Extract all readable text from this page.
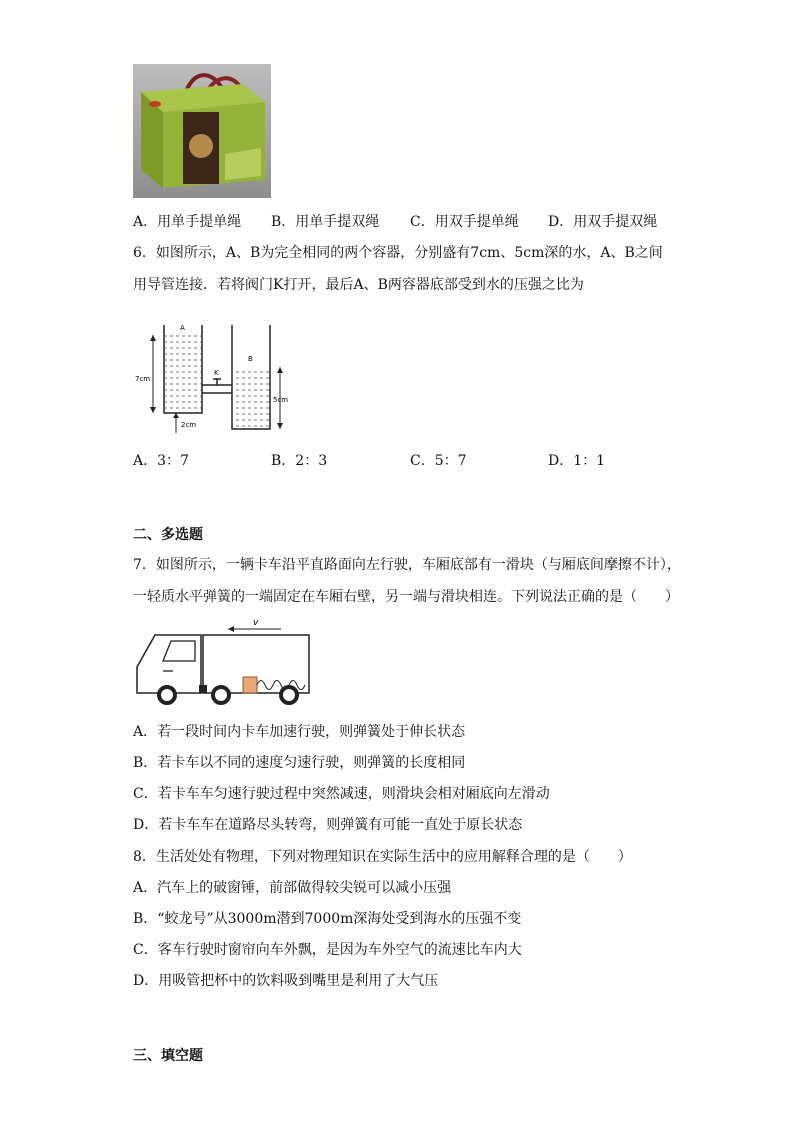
A．用单手提单绳 B．用单手提双绳 C．用双手提单绳 D．用双手提双绳
6．如图所示，A、B为完全相同的两个容器，分别盛有7cm、5cm深的水，A、B之间
用导管连接．若将阀门K打开，最后A、B两容器底部受到水的压强之比为
K
A
B
7cm
5cm
2cm
A．3：7	B．2：3	C．5：7	D．1：1
二、多选题
7．如图所示，一辆卡车沿平直路面向左行驶，车厢底部有一滑块（与厢底间摩擦不计），
一轻质水平弹簧的一端固定在车厢右壁，另一端与滑块相连。下列说法正确的是（　　）
v
A．若一段时间内卡车加速行驶，则弹簧处于伸长状态
B．若卡车以不同的速度匀速行驶，则弹簧的长度相同
C．若卡车车匀速行驶过程中突然减速，则滑块会相对厢底向左滑动
D．若卡车车在道路尽头转弯，则弹簧有可能一直处于原长状态
8．生活处处有物理，下列对物理知识在实际生活中的应用解释合理的是（　　）
A．汽车上的破窗锤，前部做得较尖锐可以减小压强
B．“蛟龙号”从3000m潜到7000m深海处受到海水的压强不变
C．客车行驶时窗帘向车外飘，是因为车外空气的流速比车内大
D．用吸管把杯中的饮料吸到嘴里是利用了大气压
三、填空题
